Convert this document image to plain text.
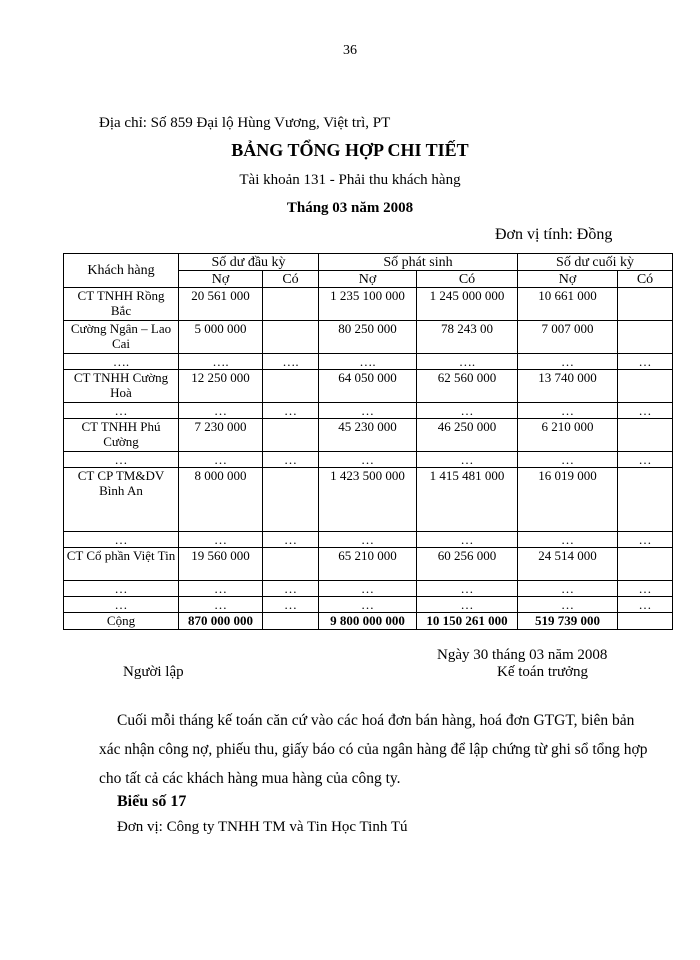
36
Địa chỉ: Số 859 Đại lộ Hùng Vương, Việt trì, PT
BẢNG TỔNG HỢP CHI TIẾT
Tài khoản 131 - Phải thu khách hàng
Tháng 03 năm 2008
Đơn vị tính: Đồng
Khách hàng	Số dư đầu kỳ		Số phát sinh		Số dư cuối kỳ	
	Nợ	Có	Nợ	Có	Nợ	Có
CT TNHH Rồng Bắc	20 561 000		1 235 100 000	1 245 000 000	10 661 000	
Cường Ngân – Lao Cai	5 000 000		80 250 000	78 243 00	7 007 000	
….	….	….	….	….	…	…
CT TNHH Cường Hoà	12 250 000		64 050 000	62 560 000	13 740 000	
…	…	…	…	…	…	…
CT TNHH Phú Cường	7 230 000		45 230 000	46 250 000	6 210 000	
…	…	…	…	…	…	…
CT CP TM&DV Bình An	8 000 000		1 423 500 000	1 415 481 000	16 019 000	
…	…	…	…	…	…	…
CT Cổ phần Việt Tin	19 560 000		65 210 000	60 256 000	24 514 000	
…	…	…	…	…	…	…
…	…	…	…	…	…	…
Cộng	870 000 000		9 800 000 000	10 150 261 000	519 739 000	
Ngày 30 tháng 03 năm 2008
Người lập	Kế toán trưởng

Cuối mỗi tháng kế toán căn cứ vào các hoá đơn bán hàng, hoá đơn GTGT, biên bản xác nhận công nợ, phiếu thu, giấy báo có của ngân hàng để lập chứng từ ghi sổ tổng hợp cho tất cả các khách hàng mua hàng của công ty.

Biểu số 17
Đơn vị: Công ty TNHH TM và Tin Học Tinh Tú
